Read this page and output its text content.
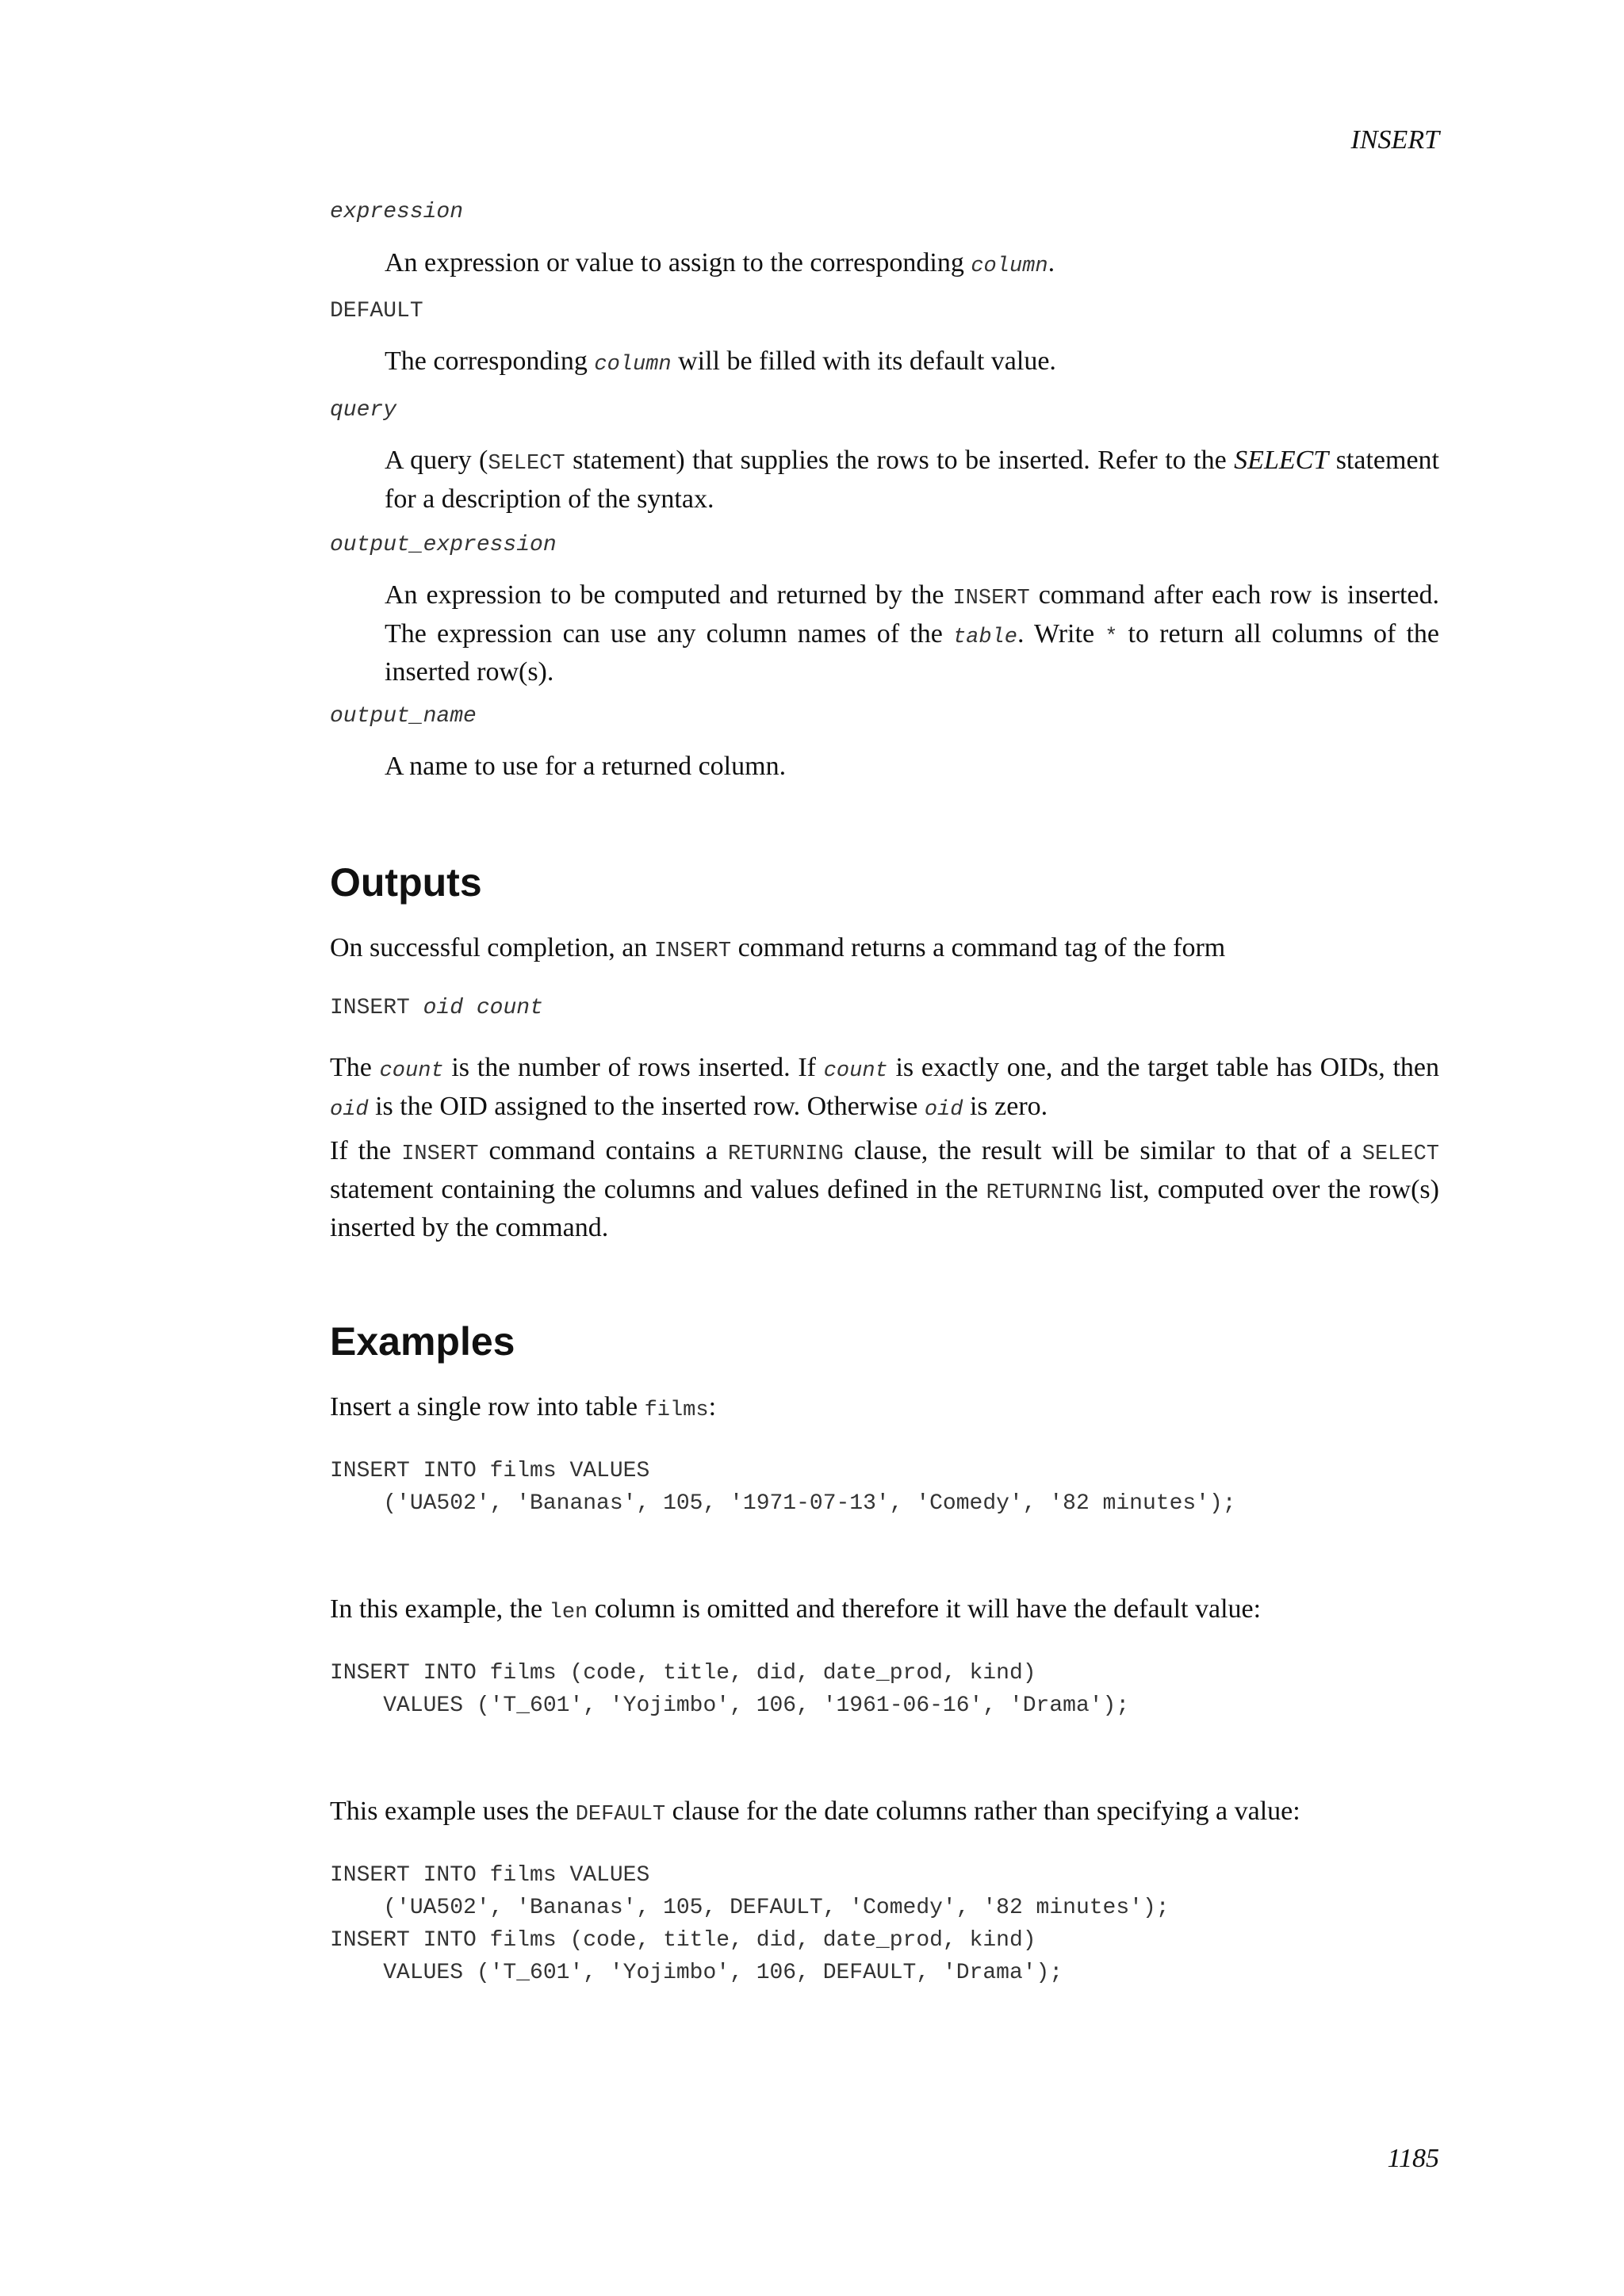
INSERT
expression
An expression or value to assign to the corresponding column.
DEFAULT
The corresponding column will be filled with its default value.
query
A query (SELECT statement) that supplies the rows to be inserted. Refer to the SELECT statement for a description of the syntax.
output_expression
An expression to be computed and returned by the INSERT command after each row is inserted. The expression can use any column names of the table. Write * to return all columns of the inserted row(s).
output_name
A name to use for a returned column.
Outputs
On successful completion, an INSERT command returns a command tag of the form
INSERT oid count
The count is the number of rows inserted. If count is exactly one, and the target table has OIDs, then oid is the OID assigned to the inserted row. Otherwise oid is zero.
If the INSERT command contains a RETURNING clause, the result will be similar to that of a SELECT statement containing the columns and values defined in the RETURNING list, computed over the row(s) inserted by the command.
Examples
Insert a single row into table films:
INSERT INTO films VALUES
('UA502', 'Bananas', 105, '1971-07-13', 'Comedy', '82 minutes');
In this example, the len column is omitted and therefore it will have the default value:
INSERT INTO films (code, title, did, date_prod, kind)
VALUES ('T_601', 'Yojimbo', 106, '1961-06-16', 'Drama');
This example uses the DEFAULT clause for the date columns rather than specifying a value:
INSERT INTO films VALUES
('UA502', 'Bananas', 105, DEFAULT, 'Comedy', '82 minutes');
INSERT INTO films (code, title, did, date_prod, kind)
VALUES ('T_601', 'Yojimbo', 106, DEFAULT, 'Drama');
1185
